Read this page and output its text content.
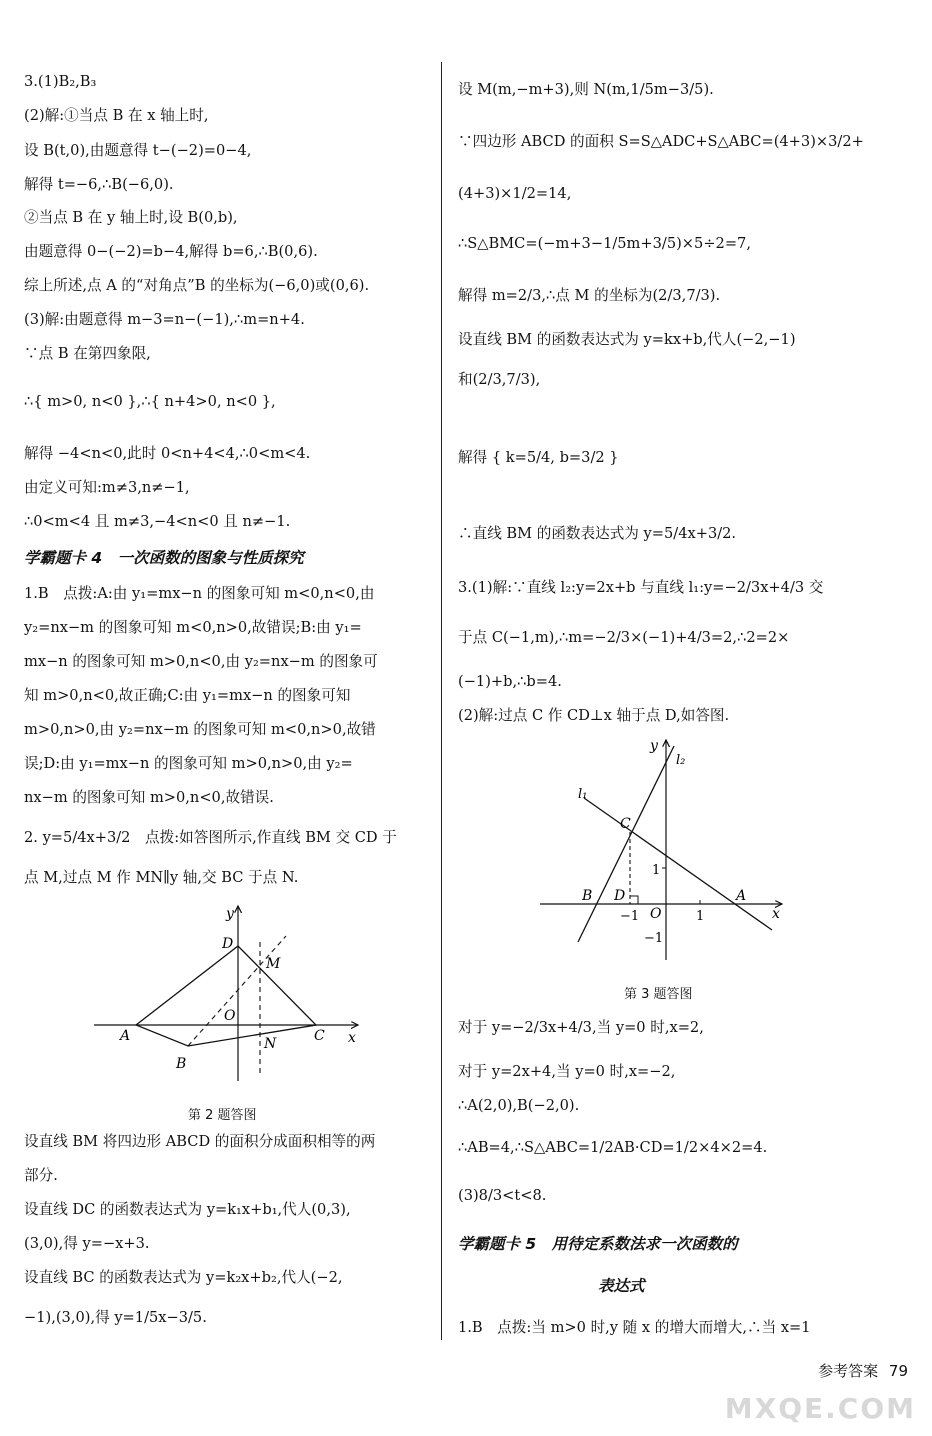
3.(1)B₂,B₃
(2)解:①当点 B 在 x 轴上时,
设 B(t,0),由题意得 t−(−2)=0−4,
解得 t=−6,∴B(−6,0).
②当点 B 在 y 轴上时,设 B(0,b),
由题意得 0−(−2)=b−4,解得 b=6,∴B(0,6).
综上所述,点 A 的“对角点”B 的坐标为(−6,0)或(0,6).
(3)解:由题意得 m−3=n−(−1),∴m=n+4.
∵点 B 在第四象限,
∴{ m>0, n<0 },∴{ n+4>0, n<0 },
解得 −4<n<0,此时 0<n+4<4,∴0<m<4.
由定义可知:m≠3,n≠−1,
∴0<m<4 且 m≠3,−4<n<0 且 n≠−1.
学霸题卡 4　一次函数的图象与性质探究
1.B　点拨:A:由 y₁=mx−n 的图象可知 m<0,n<0,由
y₂=nx−m 的图象可知 m<0,n>0,故错误;B:由 y₁=
mx−n 的图象可知 m>0,n<0,由 y₂=nx−m 的图象可
知 m>0,n<0,故正确;C:由 y₁=mx−n 的图象可知
m>0,n>0,由 y₂=nx−m 的图象可知 m<0,n>0,故错
误;D:由 y₁=mx−n 的图象可知 m>0,n>0,由 y₂=
nx−m 的图象可知 m>0,n<0,故错误.
2. y=5/4x+3/2　点拨:如答图所示,作直线 BM 交 CD 于
点 M,过点 M 作 MN∥y 轴,交 BC 于点 N.
y
x
D
M
O
A	C
N
B
第 2 题答图
设直线 BM 将四边形 ABCD 的面积分成面积相等的两
部分.
设直线 DC 的函数表达式为 y=k₁x+b₁,代人(0,3),
(3,0),得 y=−x+3.
设直线 BC 的函数表达式为 y=k₂x+b₂,代人(−2,
−1),(3,0),得 y=1/5x−3/5.
设 M(m,−m+3),则 N(m,1/5m−3/5).
∵四边形 ABCD 的面积 S=S△ADC+S△ABC=(4+3)×3/2+
(4+3)×1/2=14,
∴S△BMC=(−m+3−1/5m+3/5)×5÷2=7,
解得 m=2/3,∴点 M 的坐标为(2/3,7/3).
设直线 BM 的函数表达式为 y=kx+b,代人(−2,−1)
和(2/3,7/3),
解得 { k=5/4, b=3/2 }
∴直线 BM 的函数表达式为 y=5/4x+3/2.
3.(1)解:∵直线 l₂:y=2x+b 与直线 l₁:y=−2/3x+4/3 交
于点 C(−1,m),∴m=−2/3×(−1)+4/3=2,∴2=2×
(−1)+b,∴b=4.
(2)解:过点 C 作 CD⊥x 轴于点 D,如答图.
y
l₂
l₁
C
1
B D
−1 O	1
A
x
−1
第 3 题答图
对于 y=−2/3x+4/3,当 y=0 时,x=2,
对于 y=2x+4,当 y=0 时,x=−2,
∴A(2,0),B(−2,0).
∴AB=4,∴S△ABC=1/2AB·CD=1/2×4×2=4.
(3)8/3<t<8.
学霸题卡 5　用待定系数法求一次函数的
表达式
1.B　点拨:当 m>0 时,y 随 x 的增大而增大,∴当 x=1
参考答案 79
MXQE.COM
